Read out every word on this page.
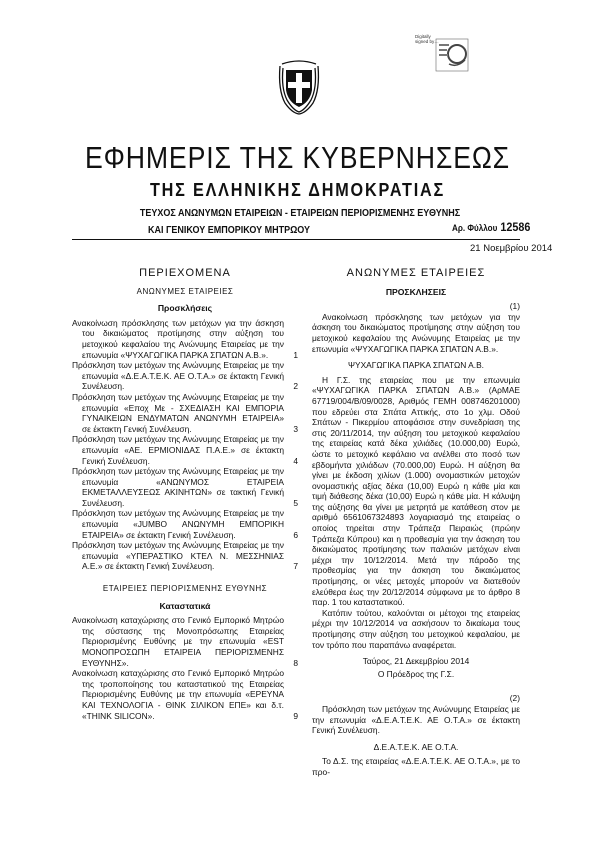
Digitally signed by…
ΕΦΗΜΕΡΙΣ ΤΗΣ ΚΥΒΕΡΝΗΣΕΩΣ
ΤΗΣ ΕΛΛΗΝΙΚΗΣ ΔΗΜΟΚΡΑΤΙΑΣ
ΤΕΥΧΟΣ ΑΝΩΝΥΜΩΝ ΕΤΑΙΡΕΙΩΝ - ΕΤΑΙΡΕΙΩΝ ΠΕΡΙΟΡΙΣΜΕΝΗΣ ΕΥΘΥΝΗΣ
ΚΑΙ ΓΕΝΙΚΟΥ ΕΜΠΟΡΙΚΟΥ ΜΗΤΡΩΟΥ	Αρ. Φύλλου 12586
21 Νοεμβρίου 2014
ΠΕΡΙΕΧΟΜΕΝΑ
ΑΝΩΝΥΜΕΣ ΕΤΑΙΡΕΙΕΣ
Προσκλήσεις
Ανακοίνωση πρόσκλησης των μετόχων για την άσκηση του δικαιώματος προτίμησης στην αύξηση του μετοχικού κεφαλαίου της Ανώνυμης Εταιρείας με την επωνυμία «ΨΥΧΑΓΩΓΙΚΑ ΠΑΡΚΑ ΣΠΑΤΩΝ Α.Β.».	1
Πρόσκληση των μετόχων της Ανώνυμης Εταιρείας με την επωνυμία «Δ.Ε.Α.Τ.Ε.Κ. ΑΕ Ο.Τ.Α.» σε έκτακτη Γενική Συνέλευση.	2
Πρόσκληση των μετόχων της Ανώνυμης Εταιρείας με την επωνυμία «Εποχ Με - ΣΧΕΔΙΑΣΗ ΚΑΙ ΕΜΠΟΡΙΑ ΓΥΝΑΙΚΕΙΩΝ ΕΝΔΥΜΑΤΩΝ ΑΝΩΝΥΜΗ ΕΤΑΙΡΕΙΑ» σε έκτακτη Γενική Συνέλευση.	3
Πρόσκληση των μετόχων της Ανώνυμης Εταιρείας με την επωνυμία «ΑΕ. ΕΡΜΙΟΝΙΔΑΣ Π.Α.Ε.» σε έκτακτη Γενική Συνέλευση.	4
Πρόσκληση των μετόχων της Ανώνυμης Εταιρείας με την επωνυμία «ΑΝΩΝΥΜΟΣ ΕΤΑΙΡΕΙΑ ΕΚΜΕΤΑΛΛΕΥΣΕΩΣ ΑΚΙΝΗΤΩΝ» σε τακτική Γενική Συνέλευση.	5
Πρόσκληση των μετόχων της Ανώνυμης Εταιρείας με την επωνυμία «JUMBO ΑΝΩΝΥΜΗ ΕΜΠΟΡΙΚΗ ΕΤΑΙΡΕΙΑ» σε έκτακτη Γενική Συνέλευση.	6
Πρόσκληση των μετόχων της Ανώνυμης Εταιρείας με την επωνυμία «ΥΠΕΡΑΣΤΙΚΟ ΚΤΕΛ Ν. ΜΕΣΣΗΝΙΑΣ Α.Ε.» σε έκτακτη Γενική Συνέλευση.	7
ΕΤΑΙΡΕΙΕΣ ΠΕΡΙΟΡΙΣΜΕΝΗΣ ΕΥΘΥΝΗΣ
Καταστατικά
Ανακοίνωση καταχώρισης στο Γενικό Εμπορικό Μητρώο της σύστασης της Μονοπρόσωπης Εταιρείας Περιορισμένης Ευθύνης με την επωνυμία «EST ΜΟΝΟΠΡΟΣΩΠΗ ΕΤΑΙΡΕΙΑ ΠΕΡΙΟΡΙΣΜΕΝΗΣ ΕΥΘΥΝΗΣ».	8
Ανακοίνωση καταχώρισης στο Γενικό Εμπορικό Μητρώο της τροποποίησης του καταστατικού της Εταιρείας Περιορισμένης Ευθύνης με την επωνυμία «ΕΡΕΥΝΑ ΚΑΙ ΤΕΧΝΟΛΟΓΙΑ - ΘΙΝΚ ΣΙΛΙΚΟΝ ΕΠΕ» και δ.τ. «THINK SILICON».	9
ΑΝΩΝΥΜΕΣ ΕΤΑΙΡΕΙΕΣ
ΠΡΟΣΚΛΗΣΕΙΣ

(1)

Ανακοίνωση πρόσκλησης των μετόχων για την άσκηση του δικαιώματος προτίμησης στην αύξηση του μετοχικού κεφαλαίου της Ανώνυμης Εταιρείας με την επωνυμία «ΨΥΧΑΓΩΓΙΚΑ ΠΑΡΚΑ ΣΠΑΤΩΝ Α.Β.».

ΨΥΧΑΓΩΓΙΚΑ ΠΑΡΚΑ ΣΠΑΤΩΝ Α.Β.

Η Γ.Σ. της εταιρείας που με την επωνυμία «ΨΥΧΑΓΩΓΙΚΑ ΠΑΡΚΑ ΣΠΑΤΩΝ Α.Β.» (ΑρΜΑΕ 67719/004/Β/09/0028, Αριθμός ΓΕΜΗ 008746201000) που εδρεύει στα Σπάτα Αττικής, στο 1ο χλμ. Οδού Σπάτων - Πικερμίου αποφάσισε στην συνεδρίαση της στις 20/11/2014, την αύξηση του μετοχικού κεφαλαίου της εταιρείας κατά δέκα χιλιάδες (10.000,00) Ευρώ, ώστε το μετοχικό κεφάλαιο να ανέλθει στο ποσό των εβδομήντα χιλιάδων (70.000,00) Ευρώ. Η αύξηση θα γίνει με έκδοση χιλίων (1.000) ονομαστικών μετοχών ονομαστικής αξίας δέκα (10,00) Ευρώ η κάθε μία και τιμή διάθεσης δέκα (10,00) Ευρώ η κάθε μία. Η κάλυψη της αύξησης θα γίνει με μετρητά με κατάθεση στον με αριθμό 6561067324893 λογαριασμό της εταιρείας ο οποίος τηρείται στην Τράπεζα Πειραιώς (πρώην Τράπεζα Κύπρου) και η προθεσμία για την άσκηση του δικαιώματος προτίμησης των παλαιών μετόχων είναι μέχρι την 10/12/2014. Μετά την πάροδο της προθεσμίας για την άσκηση του δικαιώματος προτίμησης, οι νέες μετοχές μπορούν να διατεθούν ελεύθερα έως την 20/12/2014 σύμφωνα με το άρθρο 8 παρ. 1 του καταστατικού.

Κατόπιν τούτου, καλούνται οι μέτοχοι της εταιρείας μέχρι την 10/12/2014 να ασκήσουν το δικαίωμα τους προτίμησης στην αύξηση του μετοχικού κεφαλαίου, με τον τρόπο που παραπάνω αναφέρεται.

Ταύρος, 21 Δεκεμβρίου 2014

Ο Πρόεδρος της Γ.Σ.

(2)

Πρόσκληση των μετόχων της Ανώνυμης Εταιρείας με την επωνυμία «Δ.Ε.Α.Τ.Ε.Κ. ΑΕ Ο.Τ.Α.» σε έκτακτη Γενική Συνέλευση.

Δ.Ε.Α.Τ.Ε.Κ. ΑΕ Ο.Τ.Α.

Το Δ.Σ. της εταιρείας «Δ.Ε.Α.Τ.Ε.Κ. ΑΕ Ο.Τ.Α.», με το προ-
